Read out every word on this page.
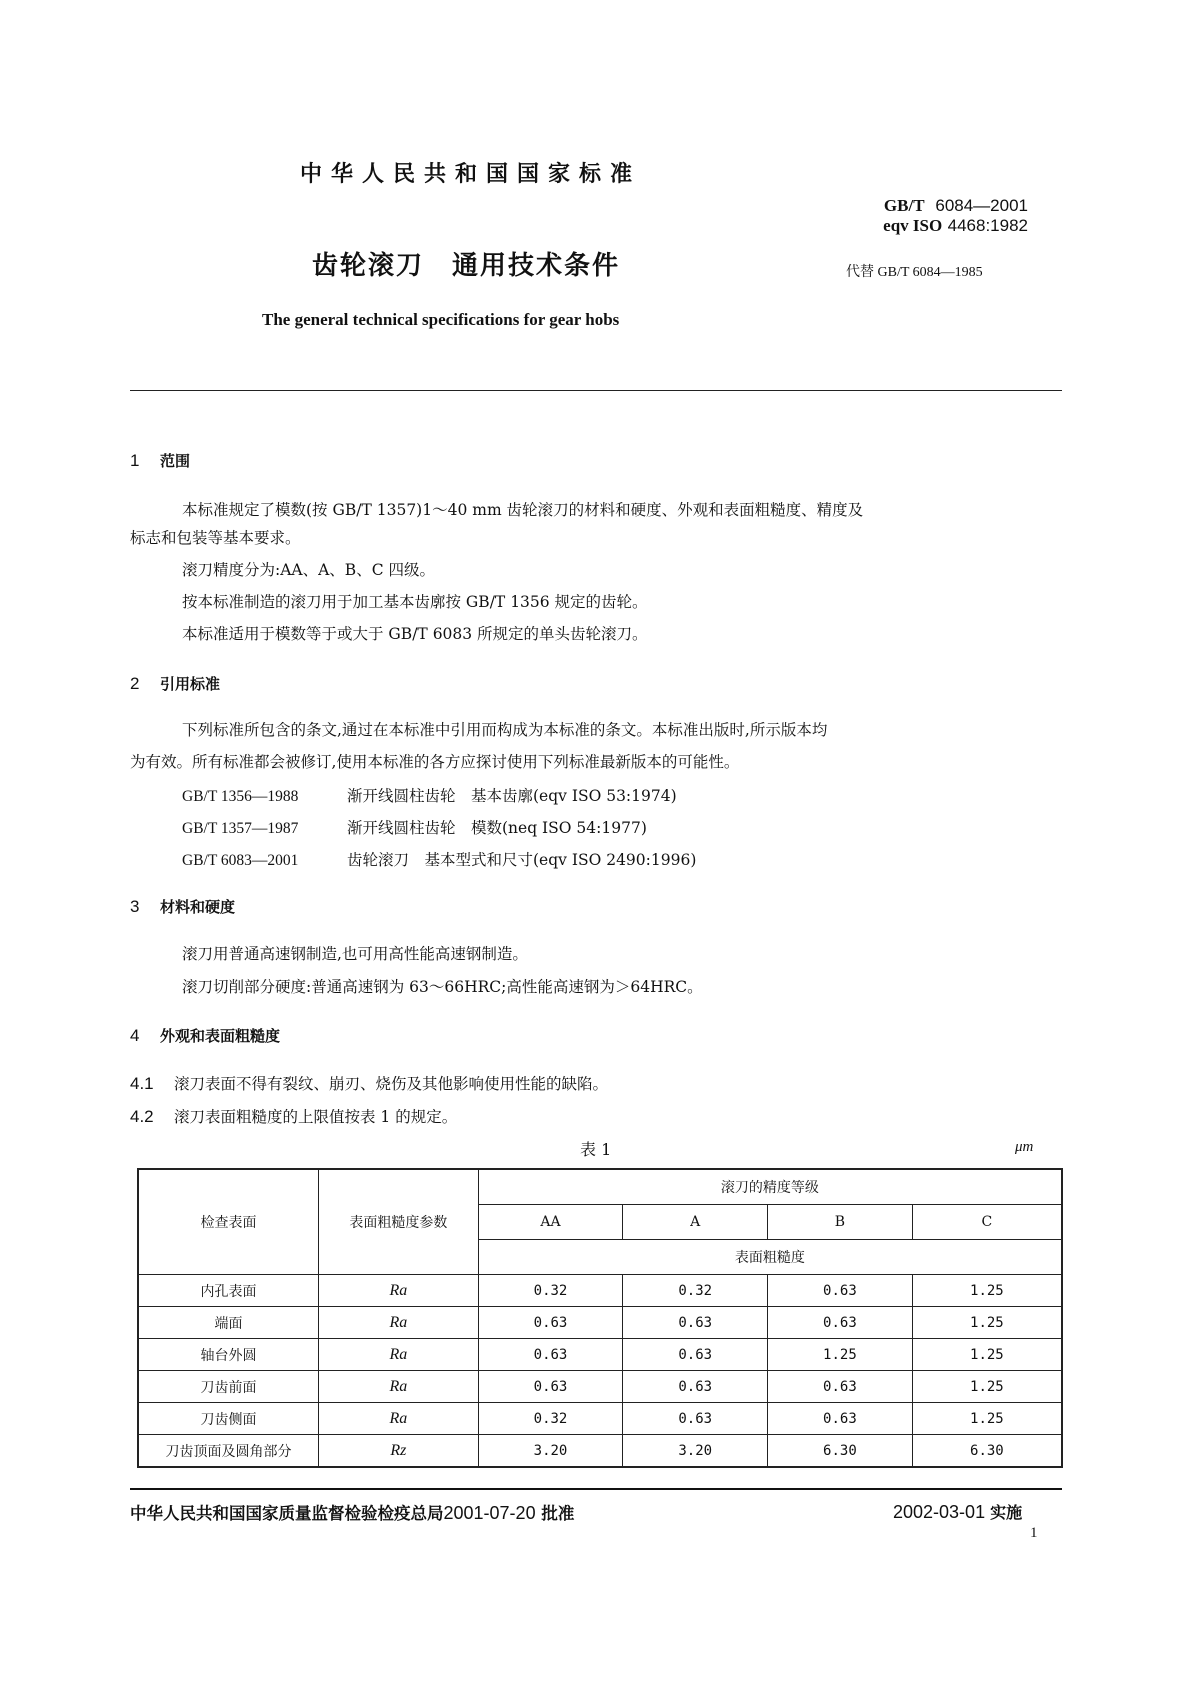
中华人民共和国国家标准
GB/T 6084—2001
eqv ISO 4468:1982
齿轮滚刀　通用技术条件	代替 GB/T 6084—1985
The general technical specifications for gear hobs
1 范围
本标准规定了模数(按 GB/T 1357)1～40 mm 齿轮滚刀的材料和硬度、外观和表面粗糙度、精度及
标志和包装等基本要求。
滚刀精度分为:AA、A、B、C 四级。
按本标准制造的滚刀用于加工基本齿廓按 GB/T 1356 规定的齿轮。
本标准适用于模数等于或大于 GB/T 6083 所规定的单头齿轮滚刀。
2 引用标准
下列标准所包含的条文,通过在本标准中引用而构成为本标准的条文。本标准出版时,所示版本均
为有效。所有标准都会被修订,使用本标准的各方应探讨使用下列标准最新版本的可能性。
GB/T 1356—1988	渐开线圆柱齿轮　基本齿廓(eqv ISO 53:1974)
GB/T 1357—1987	渐开线圆柱齿轮　模数(neq ISO 54:1977)
GB/T 6083—2001	齿轮滚刀　基本型式和尺寸(eqv ISO 2490:1996)
3 材料和硬度
滚刀用普通高速钢制造,也可用高性能高速钢制造。
滚刀切削部分硬度:普通高速钢为 63～66HRC;高性能高速钢为＞64HRC。
4 外观和表面粗糙度
4.1 滚刀表面不得有裂纹、崩刃、烧伤及其他影响使用性能的缺陷。
4.2 滚刀表面粗糙度的上限值按表 1 的规定。
表 1	μm
检查表面	表面粗糙度参数	滚刀的精度等级			
		AA	A	B	C
		表面粗糙度			
内孔表面	Ra	0.32	0.32	0.63	1.25
端面	Ra	0.63	0.63	0.63	1.25
轴台外圆	Ra	0.63	0.63	1.25	1.25
刀齿前面	Ra	0.63	0.63	0.63	1.25
刀齿侧面	Ra	0.32	0.63	0.63	1.25
刀齿顶面及圆角部分	Rz	3.20	3.20	6.30	6.30
中华人民共和国国家质量监督检验检疫总局2001-07-20 批准	2002-03-01 实施
1
